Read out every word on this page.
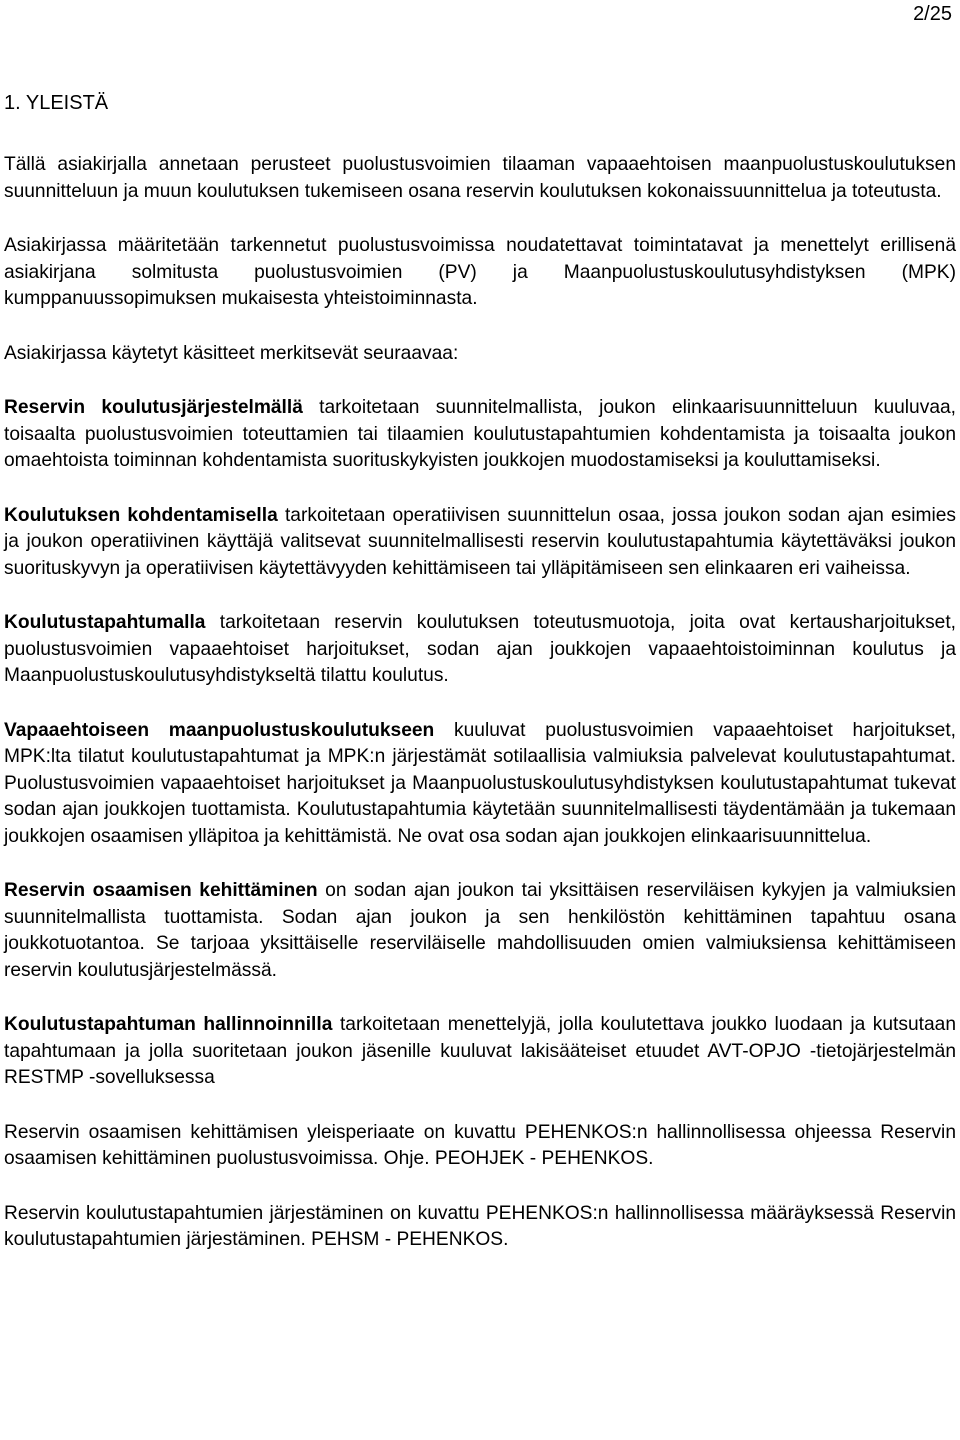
2/25
1. YLEISTÄ

Tällä asiakirjalla annetaan perusteet puolustusvoimien tilaaman vapaaehtoisen maanpuolustuskoulutuksen suunnitteluun ja muun koulutuksen tukemiseen osana reservin koulutuksen kokonaissuunnittelua ja toteutusta.

Asiakirjassa määritetään tarkennetut puolustusvoimissa noudatettavat toimintatavat ja menettelyt erillisenä asiakirjana solmitusta puolustusvoimien (PV) ja Maanpuolustuskoulutusyhdistyksen (MPK) kumppanuussopimuksen mukaisesta yhteistoiminnasta.

Asiakirjassa käytetyt käsitteet merkitsevät seuraavaa:

Reservin koulutusjärjestelmällä tarkoitetaan suunnitelmallista, joukon elinkaarisuunnitteluun kuuluvaa, toisaalta puolustusvoimien toteuttamien tai tilaamien koulutustapahtumien kohdentamista ja toisaalta joukon omaehtoista toiminnan kohdentamista suorituskykyisten joukkojen muodostamiseksi ja kouluttamiseksi.

Koulutuksen kohdentamisella tarkoitetaan operatiivisen suunnittelun osaa, jossa joukon sodan ajan esimies ja joukon operatiivinen käyttäjä valitsevat suunnitelmallisesti reservin koulutustapahtumia käytettäväksi joukon suorituskyvyn ja operatiivisen käytettävyyden kehittämiseen tai ylläpitämiseen sen elinkaaren eri vaiheissa.

Koulutustapahtumalla tarkoitetaan reservin koulutuksen toteutusmuotoja, joita ovat kertausharjoitukset, puolustusvoimien vapaaehtoiset harjoitukset, sodan ajan joukkojen vapaaehtoistoiminnan koulutus ja Maanpuolustuskoulutusyhdistykseltä tilattu koulutus.

Vapaaehtoiseen maanpuolustuskoulutukseen kuuluvat puolustusvoimien vapaaehtoiset harjoitukset, MPK:lta tilatut koulutustapahtumat ja MPK:n järjestämät sotilaallisia valmiuksia palvelevat koulutustapahtumat. Puolustusvoimien vapaaehtoiset harjoitukset ja Maanpuolustuskoulutusyhdistyksen koulutustapahtumat tukevat sodan ajan joukkojen tuottamista. Koulutustapahtumia käytetään suunnitelmallisesti täydentämään ja tukemaan joukkojen osaamisen ylläpitoa ja kehittämistä. Ne ovat osa sodan ajan joukkojen elinkaarisuunnittelua.

Reservin osaamisen kehittäminen on sodan ajan joukon tai yksittäisen reserviläisen kykyjen ja valmiuksien suunnitelmallista tuottamista. Sodan ajan joukon ja sen henkilöstön kehittäminen tapahtuu osana joukkotuotantoa. Se tarjoaa yksittäiselle reserviläiselle mahdollisuuden omien valmiuksiensa kehittämiseen reservin koulutusjärjestelmässä.

Koulutustapahtuman hallinnoinnilla tarkoitetaan menettelyjä, jolla koulutettava joukko luodaan ja kutsutaan tapahtumaan ja jolla suoritetaan joukon jäsenille kuuluvat lakisääteiset etuudet AVT-OPJO -tietojärjestelmän RESTMP -sovelluksessa

Reservin osaamisen kehittämisen yleisperiaate on kuvattu PEHENKOS:n hallinnollisessa ohjeessa Reservin osaamisen kehittäminen puolustusvoimissa. Ohje. PEOHJEK - PEHENKOS.

Reservin koulutustapahtumien järjestäminen on kuvattu PEHENKOS:n hallinnollisessa määräyksessä Reservin koulutustapahtumien järjestäminen. PEHSM - PEHENKOS.
